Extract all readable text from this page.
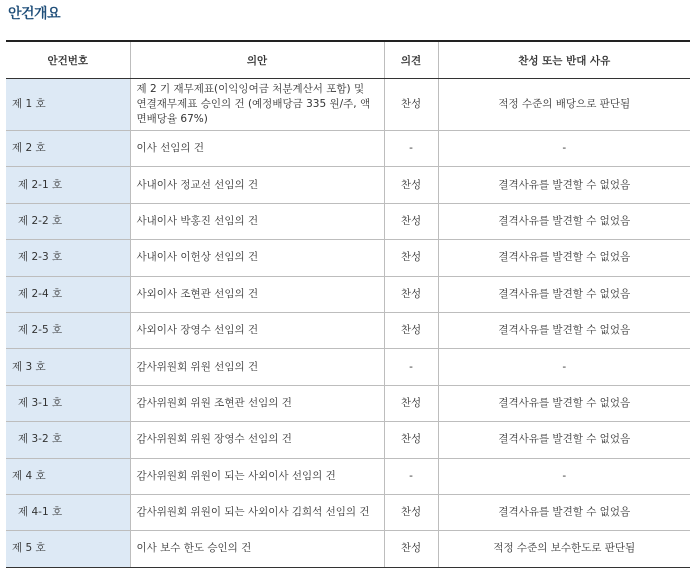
안건개요
안건번호	의안	의견	찬성 또는 반대 사유
제 1 호	제 2 기 재무제표(이익잉여금 처분계산서 포함) 및 연결재무제표 승인의 건 (예정배당금 335 원/주, 액면배당율 67%)	찬성	적정 수준의 배당으로 판단됨
제 2 호	이사 선임의 건	-	-
제 2-1 호	사내이사 정교선 선임의 건	찬성	결격사유를 발견할 수 없었음
제 2-2 호	사내이사 박홍진 선임의 건	찬성	결격사유를 발견할 수 없었음
제 2-3 호	사내이사 이헌상 선임의 건	찬성	결격사유를 발견할 수 없었음
제 2-4 호	사외이사 조현관 선임의 건	찬성	결격사유를 발견할 수 없었음
제 2-5 호	사외이사 장영수 선임의 건	찬성	결격사유를 발견할 수 없었음
제 3 호	감사위원회 위원 선임의 건	-	-
제 3-1 호	감사위원회 위원 조현관 선임의 건	찬성	결격사유를 발견할 수 없었음
제 3-2 호	감사위원회 위원 장영수 선임의 건	찬성	결격사유를 발견할 수 없었음
제 4 호	감사위원회 위원이 되는 사외이사 선임의 건	-	-
제 4-1 호	감사위원회 위원이 되는 사외이사 김희석 선임의 건	찬성	결격사유를 발견할 수 없었음
제 5 호	이사 보수 한도 승인의 건	찬성	적정 수준의 보수한도로 판단됨
